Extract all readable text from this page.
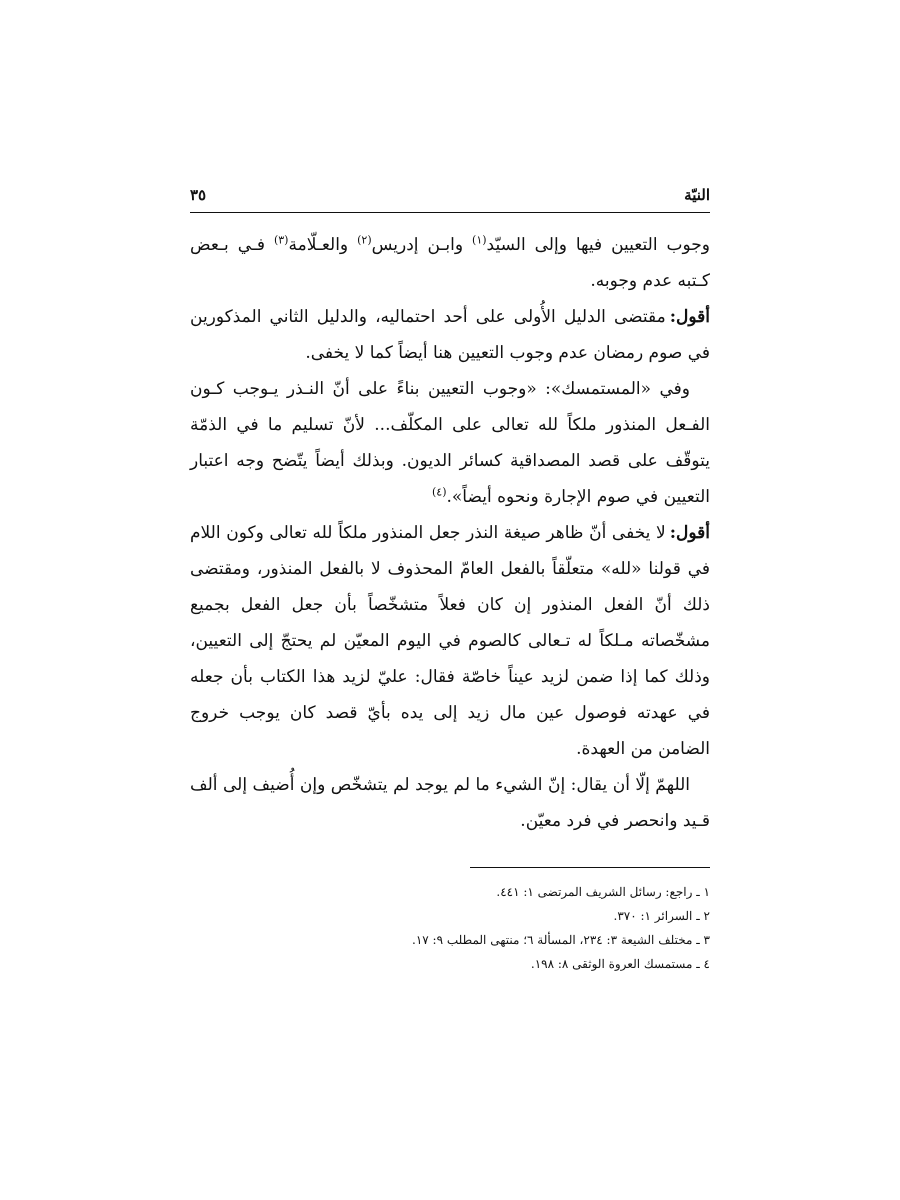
النيّة
٣٥

وجوب التعيين فيها وإلى السيّد$^{(١)}$ وابـن إدريس$^{(٢)}$ والعـلّامة$^{(٣)}$ فـي بـعض كـتبه عدم وجوبه.

أقول:مقتضى الدليل الأُولى على أحد احتماليه، والدليل الثاني المذكورين في صوم رمضان عدم وجوب التعيين هنا أيضاً كما لا يخفى.

وفي «المستمسك»: «وجوب التعيين بناءً على أنّ النـذر يـوجب كـون الفـعل المنذور ملكاً لله تعالى على المكلّف... لأنّ تسليم ما في الذمّة يتوقّف على قصد المصداقية كسائر الديون. وبذلك أيضاً يتّضح وجه اعتبار التعيين في صوم الإجارة ونحوه أيضاً».$^{(٤)}$

أقول:لا يخفى أنّ ظاهر صيغة النذر جعل المنذور ملكاً لله تعالى وكون اللام في قولنا «لله» متعلّقاً بالفعل العامّ المحذوف لا بالفعل المنذور، ومقتضى ذلك أنّ الفعل المنذور إن كان فعلاً متشخّصاً بأن جعل الفعل بجميع مشخّصاته مـلكاً له تـعالى كالصوم في اليوم المعيّن لم يحتجّ إلى التعيين، وذلك كما إذا ضمن لزيد عيناً خاصّة فقال: عليّ لزيد هذا الكتاب بأن جعله في عهدته فوصول عين مال زيد إلى يده بأيّ قصد كان يوجب خروج الضامن من العهدة.

اللهمّ إلّا أن يقال: إنّ الشيء ما لم يوجد لم يتشخّص وإن أُضيف إلى ألف قـيد وانحصر في فرد معيّن.

١ ـ راجع: رسائل الشريف المرتضى ١: ٤٤١.

٢ ـ السرائر ١: ٣٧٠.

٣ ـ مختلف الشيعة ٣: ٢٣٤، المسألة ٦؛ منتهى المطلب ٩: ١٧.

٤ ـ مستمسك العروة الوثقى ٨: ١٩٨.
